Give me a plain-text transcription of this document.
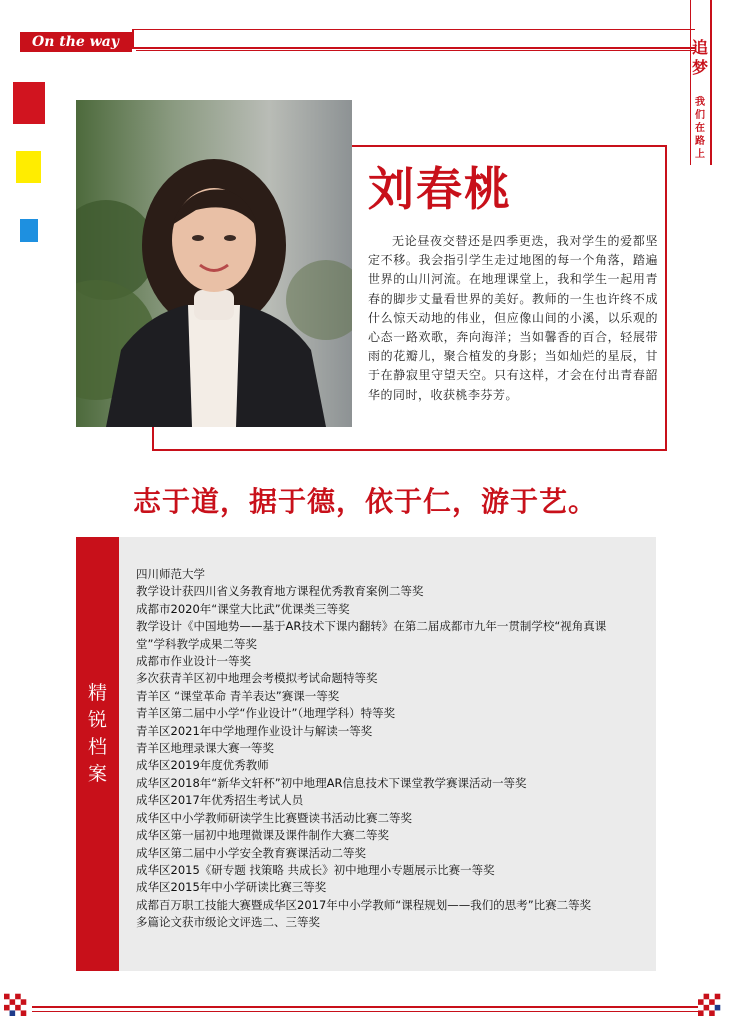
On the way	追
梦
我
们
在
路
上
刘春桃
无论昼夜交替还是四季更迭，我对学生的爱都坚定不移。我会指引学生走过地图的每一个角落，踏遍世界的山川河流。在地理课堂上，我和学生一起用青春的脚步丈量看世界的美好。教师的一生也许终不成什么惊天动地的伟业，但应像山间的小溪，以乐观的心态一路欢歌，奔向海洋；当如馨香的百合，轻展带雨的花瓣儿，聚合植发的身影；当如灿烂的星辰，甘于在静寂里守望天空。只有这样，才会在付出青春韶华的同时，收获桃李芬芳。
志于道，据于德，依于仁，游于艺。
精
锐
档
案
四川师范大学
教学设计获四川省义务教育地方课程优秀教育案例二等奖
成都市2020年“课堂大比武”优课类三等奖
教学设计《中国地势——基于AR技术下课内翻转》在第二届成都市九年一贯制学校“视角真课堂”学科教学成果二等奖
成都市作业设计一等奖
多次获青羊区初中地理会考模拟考试命题特等奖
青羊区 “课堂革命 青羊表达”赛课一等奖
青羊区第二届中小学“作业设计”（地理学科）特等奖
青羊区2021年中学地理作业设计与解读一等奖
青羊区地理录课大赛一等奖
成华区2019年度优秀教师
成华区2018年“新华文轩杯”初中地理AR信息技术下课堂教学赛课活动一等奖
成华区2017年优秀招生考试人员
成华区中小学教师研读学生比赛暨读书活动比赛二等奖
成华区第一届初中地理微课及课件制作大赛二等奖
成华区第二届中小学安全教育赛课活动二等奖
成华区2015《研专题 找策略 共成长》初中地理小专题展示比赛一等奖
成华区2015年中小学研读比赛三等奖
成都百万职工技能大赛暨成华区2017年中小学教师“课程规划——我们的思考”比赛二等奖
多篇论文获市级论文评选二、三等奖
